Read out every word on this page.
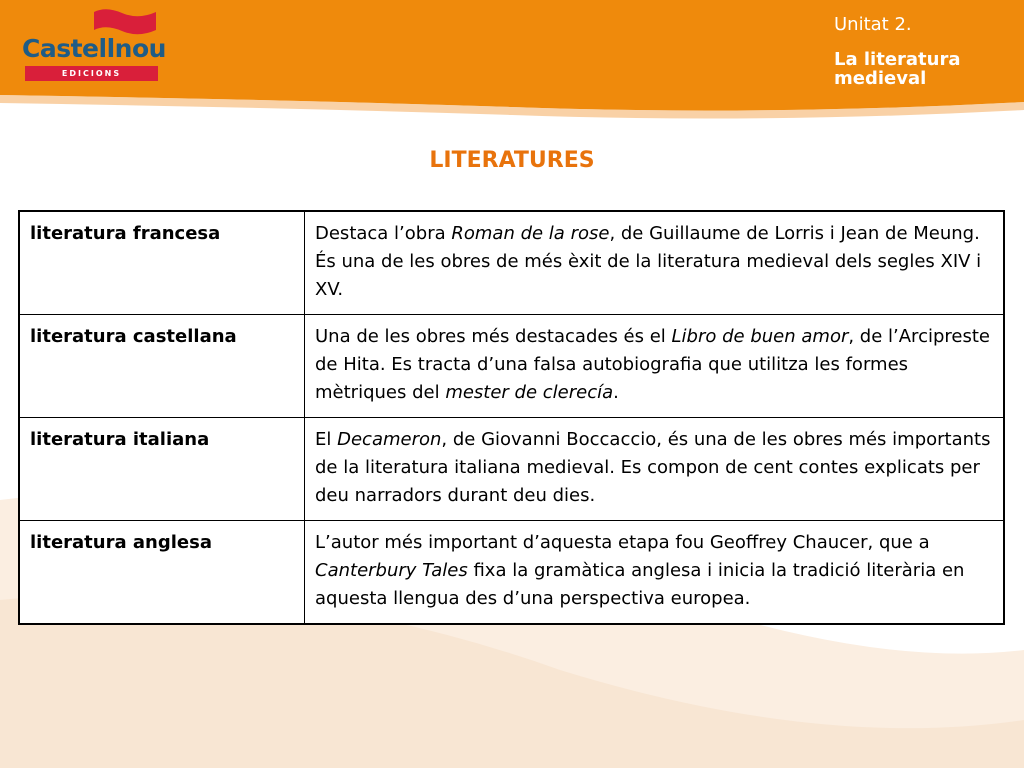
Castellnou
EDICIONS
Unitat 2.
La literatura
medieval
LITERATURES
literatura francesa	Destaca l’obra Roman de la rose, de Guillaume de Lorris i Jean de Meung. És una de les obres de més èxit de la literatura medieval dels segles XIV i XV.
literatura castellana	Una de les obres més destacades és el Libro de buen amor, de l’Arcipreste de Hita. Es tracta d’una falsa autobiografia que utilitza les formes mètriques del mester de clerecía.
literatura italiana	El Decameron, de Giovanni Boccaccio, és una de les obres més importants de la literatura italiana medieval. Es compon de cent contes explicats per deu narradors durant deu dies.
literatura anglesa	L’autor més important d’aquesta etapa fou Geoffrey Chaucer, que a Canterbury Tales fixa la gramàtica anglesa i inicia la tradició literària en aquesta llengua des d’una perspectiva europea.
